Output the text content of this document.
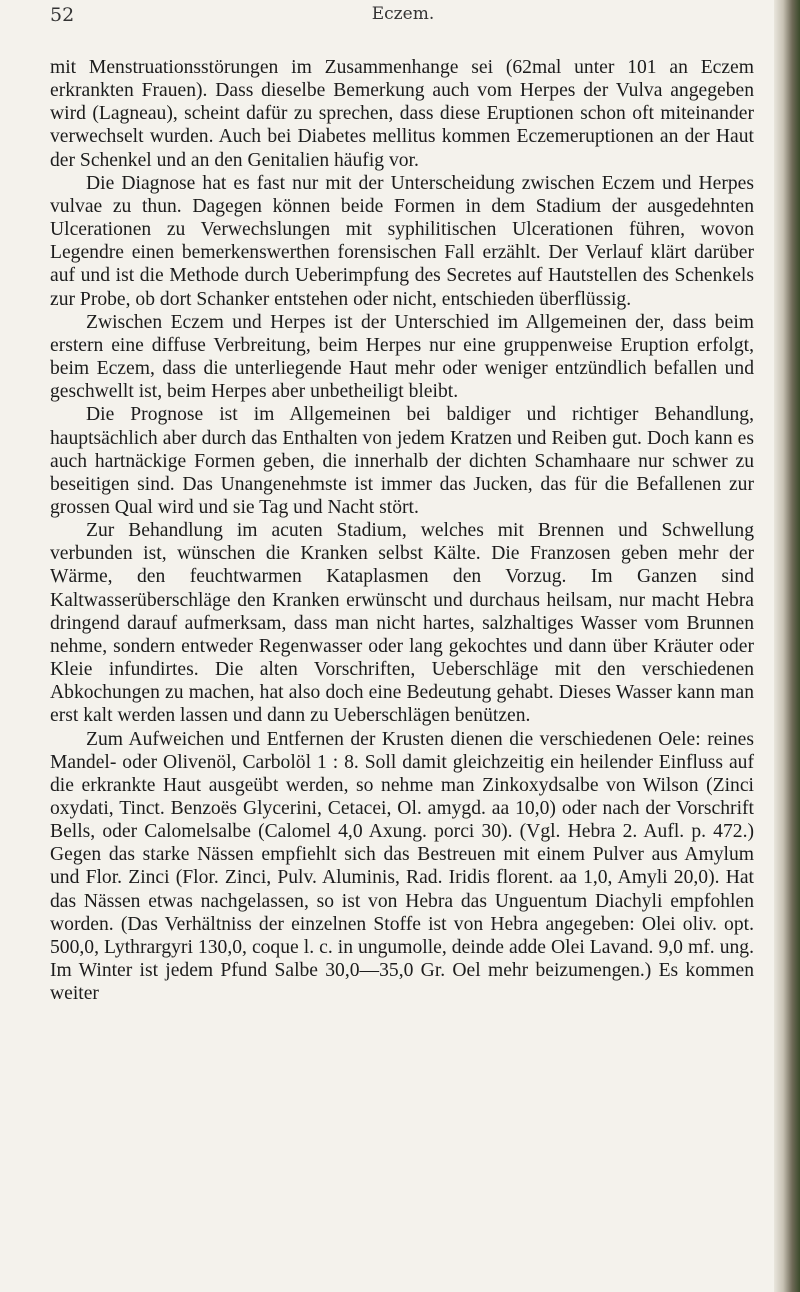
52	Eczem.

mit Menstruationsstörungen im Zusammenhange sei (62mal unter 101 an Eczem erkrankten Frauen). Dass dieselbe Bemerkung auch vom Herpes der Vulva angegeben wird (Lagneau), scheint dafür zu sprechen, dass diese Eruptionen schon oft miteinander verwechselt wurden. Auch bei Diabetes mellitus kommen Eczemeruptionen an der Haut der Schenkel und an den Genitalien häufig vor.

Die Diagnose hat es fast nur mit der Unterscheidung zwischen Eczem und Herpes vulvae zu thun. Dagegen können beide Formen in dem Stadium der ausgedehnten Ulcerationen zu Verwechslungen mit syphilitischen Ulcerationen führen, wovon Legendre einen bemerkenswerthen forensischen Fall erzählt. Der Verlauf klärt darüber auf und ist die Methode durch Ueberimpfung des Secretes auf Hautstellen des Schenkels zur Probe, ob dort Schanker entstehen oder nicht, entschieden überflüssig.

Zwischen Eczem und Herpes ist der Unterschied im Allgemeinen der, dass beim erstern eine diffuse Verbreitung, beim Herpes nur eine gruppenweise Eruption erfolgt, beim Eczem, dass die unterliegende Haut mehr oder weniger entzündlich befallen und geschwellt ist, beim Herpes aber unbetheiligt bleibt.

Die Prognose ist im Allgemeinen bei baldiger und richtiger Behandlung, hauptsächlich aber durch das Enthalten von jedem Kratzen und Reiben gut. Doch kann es auch hartnäckige Formen geben, die innerhalb der dichten Schamhaare nur schwer zu beseitigen sind. Das Unangenehmste ist immer das Jucken, das für die Befallenen zur grossen Qual wird und sie Tag und Nacht stört.

Zur Behandlung im acuten Stadium, welches mit Brennen und Schwellung verbunden ist, wünschen die Kranken selbst Kälte. Die Franzosen geben mehr der Wärme, den feuchtwarmen Kataplasmen den Vorzug. Im Ganzen sind Kaltwasserüberschläge den Kranken erwünscht und durchaus heilsam, nur macht Hebra dringend darauf aufmerksam, dass man nicht hartes, salzhaltiges Wasser vom Brunnen nehme, sondern entweder Regenwasser oder lang gekochtes und dann über Kräuter oder Kleie infundirtes. Die alten Vorschriften, Ueberschläge mit den verschiedenen Abkochungen zu machen, hat also doch eine Bedeutung gehabt. Dieses Wasser kann man erst kalt werden lassen und dann zu Ueberschlägen benützen.

Zum Aufweichen und Entfernen der Krusten dienen die verschiedenen Oele: reines Mandel- oder Olivenöl, Carbolöl 1 : 8. Soll damit gleichzeitig ein heilender Einfluss auf die erkrankte Haut ausgeübt werden, so nehme man Zinkoxydsalbe von Wilson (Zinci oxydati, Tinct. Benzoës Glycerini, Cetacei, Ol. amygd. aa 10,0) oder nach der Vorschrift Bells, oder Calomelsalbe (Calomel 4,0 Axung. porci 30). (Vgl. Hebra 2. Aufl. p. 472.) Gegen das starke Nässen empfiehlt sich das Bestreuen mit einem Pulver aus Amylum und Flor. Zinci (Flor. Zinci, Pulv. Aluminis, Rad. Iridis florent. aa 1,0, Amyli 20,0). Hat das Nässen etwas nachgelassen, so ist von Hebra das Unguentum Diachyli empfohlen worden. (Das Verhältniss der einzelnen Stoffe ist von Hebra angegeben: Olei oliv. opt. 500,0, Lythrargyri 130,0, coque l. c. in ungumolle, deinde adde Olei Lavand. 9,0 mf. ung. Im Winter ist jedem Pfund Salbe 30,0—35,0 Gr. Oel mehr beizumengen.) Es kommen weiter
